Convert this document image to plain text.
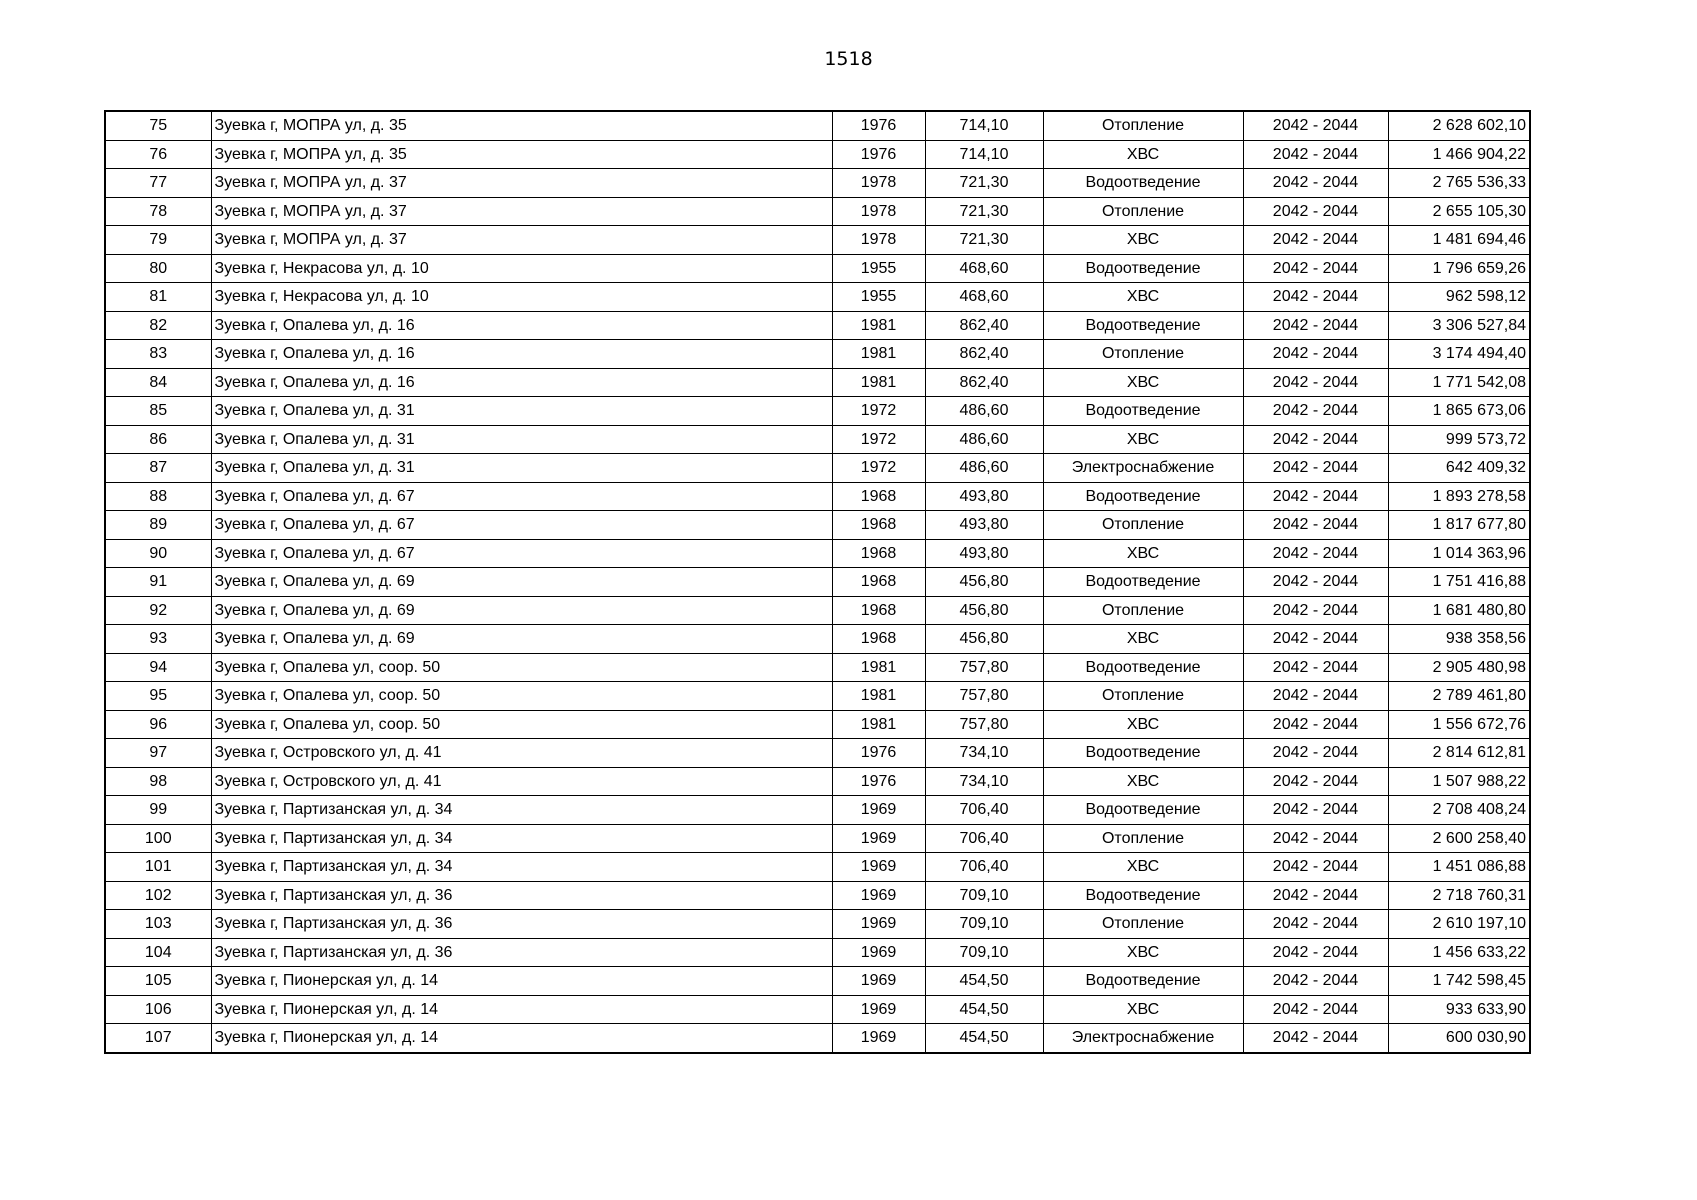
1518
75	Зуевка г, МОПРА ул, д. 35	1976	714,10	Отопление	2042 - 2044	2 628 602,10
76	Зуевка г, МОПРА ул, д. 35	1976	714,10	ХВС	2042 - 2044	1 466 904,22
77	Зуевка г, МОПРА ул, д. 37	1978	721,30	Водоотведение	2042 - 2044	2 765 536,33
78	Зуевка г, МОПРА ул, д. 37	1978	721,30	Отопление	2042 - 2044	2 655 105,30
79	Зуевка г, МОПРА ул, д. 37	1978	721,30	ХВС	2042 - 2044	1 481 694,46
80	Зуевка г, Некрасова ул, д. 10	1955	468,60	Водоотведение	2042 - 2044	1 796 659,26
81	Зуевка г, Некрасова ул, д. 10	1955	468,60	ХВС	2042 - 2044	962 598,12
82	Зуевка г, Опалева ул, д. 16	1981	862,40	Водоотведение	2042 - 2044	3 306 527,84
83	Зуевка г, Опалева ул, д. 16	1981	862,40	Отопление	2042 - 2044	3 174 494,40
84	Зуевка г, Опалева ул, д. 16	1981	862,40	ХВС	2042 - 2044	1 771 542,08
85	Зуевка г, Опалева ул, д. 31	1972	486,60	Водоотведение	2042 - 2044	1 865 673,06
86	Зуевка г, Опалева ул, д. 31	1972	486,60	ХВС	2042 - 2044	999 573,72
87	Зуевка г, Опалева ул, д. 31	1972	486,60	Электроснабжение	2042 - 2044	642 409,32
88	Зуевка г, Опалева ул, д. 67	1968	493,80	Водоотведение	2042 - 2044	1 893 278,58
89	Зуевка г, Опалева ул, д. 67	1968	493,80	Отопление	2042 - 2044	1 817 677,80
90	Зуевка г, Опалева ул, д. 67	1968	493,80	ХВС	2042 - 2044	1 014 363,96
91	Зуевка г, Опалева ул, д. 69	1968	456,80	Водоотведение	2042 - 2044	1 751 416,88
92	Зуевка г, Опалева ул, д. 69	1968	456,80	Отопление	2042 - 2044	1 681 480,80
93	Зуевка г, Опалева ул, д. 69	1968	456,80	ХВС	2042 - 2044	938 358,56
94	Зуевка г, Опалева ул, соор. 50	1981	757,80	Водоотведение	2042 - 2044	2 905 480,98
95	Зуевка г, Опалева ул, соор. 50	1981	757,80	Отопление	2042 - 2044	2 789 461,80
96	Зуевка г, Опалева ул, соор. 50	1981	757,80	ХВС	2042 - 2044	1 556 672,76
97	Зуевка г, Островского ул, д. 41	1976	734,10	Водоотведение	2042 - 2044	2 814 612,81
98	Зуевка г, Островского ул, д. 41	1976	734,10	ХВС	2042 - 2044	1 507 988,22
99	Зуевка г, Партизанская ул, д. 34	1969	706,40	Водоотведение	2042 - 2044	2 708 408,24
100	Зуевка г, Партизанская ул, д. 34	1969	706,40	Отопление	2042 - 2044	2 600 258,40
101	Зуевка г, Партизанская ул, д. 34	1969	706,40	ХВС	2042 - 2044	1 451 086,88
102	Зуевка г, Партизанская ул, д. 36	1969	709,10	Водоотведение	2042 - 2044	2 718 760,31
103	Зуевка г, Партизанская ул, д. 36	1969	709,10	Отопление	2042 - 2044	2 610 197,10
104	Зуевка г, Партизанская ул, д. 36	1969	709,10	ХВС	2042 - 2044	1 456 633,22
105	Зуевка г, Пионерская ул, д. 14	1969	454,50	Водоотведение	2042 - 2044	1 742 598,45
106	Зуевка г, Пионерская ул, д. 14	1969	454,50	ХВС	2042 - 2044	933 633,90
107	Зуевка г, Пионерская ул, д. 14	1969	454,50	Электроснабжение	2042 - 2044	600 030,90
